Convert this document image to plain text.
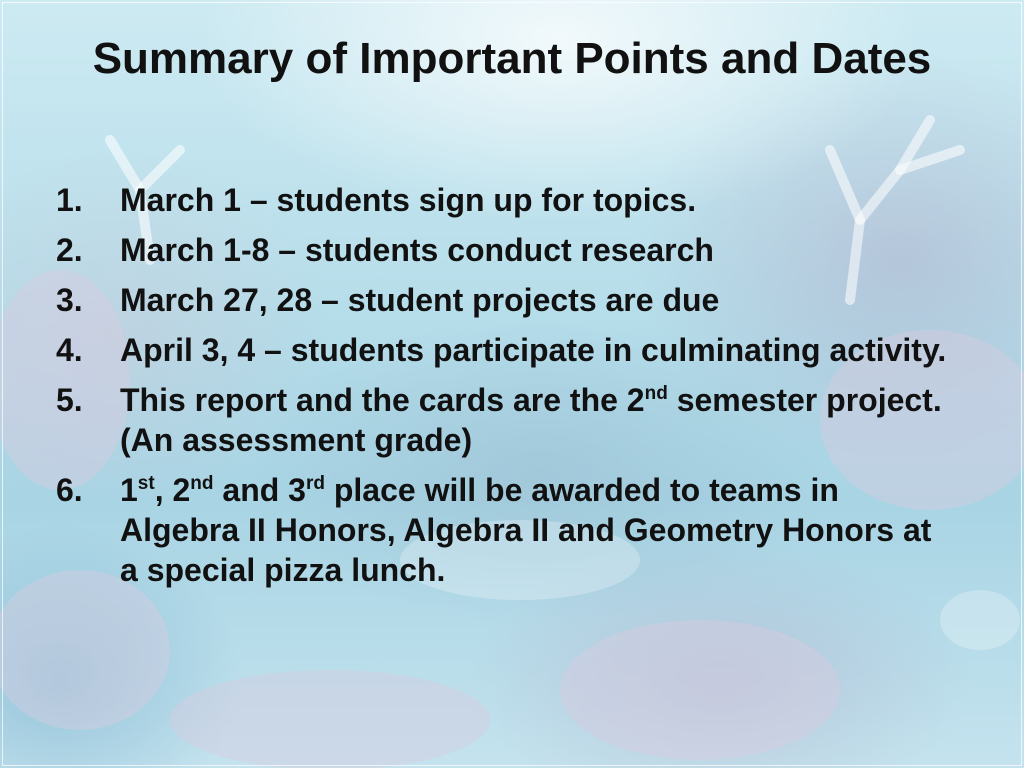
Summary of Important Points and Dates
1. March 1 – students sign up for topics.
2. March 1-8 – students conduct research
3. March 27, 28 – student projects are due
4. April 3, 4 – students participate in culminating activity.
5. This report and the cards are the 2nd semester project. (An assessment grade)
6. 1st, 2nd and 3rd place will be awarded to teams in Algebra II Honors, Algebra II and Geometry Honors at a special pizza lunch.
